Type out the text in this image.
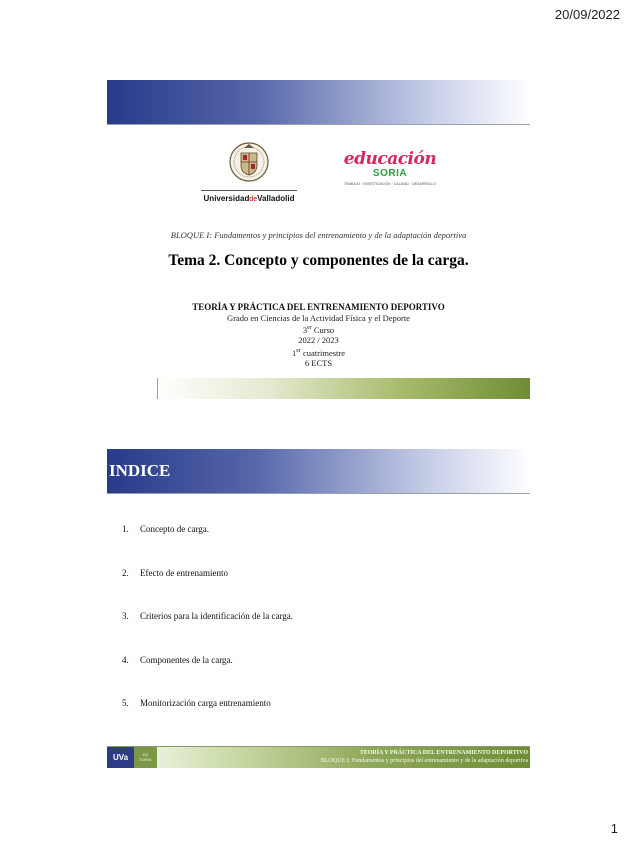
20/09/2022
UniversidaddeValladolid
educación
SORIA
TRABAJO · INVESTIGACIÓN · CALIDAD · DESARROLLO
BLOQUE I: Fundamentos y principios del entrenamiento y de la adaptación deportiva
Tema 2. Concepto y componentes de la carga.
TEORÍA Y PRÁCTICA DEL ENTRENAMIENTO DEPORTIVO
Grado en Ciencias de la Actividad Física y el Deporte
3er Curso
2022 / 2023
1er cuatrimestre
6 ECTS
INDICE
1. Concepto de carga.
2. Efecto de entrenamiento
3. Criterios para la identificación de la carga.
4. Componentes de la carga.
5. Monitorización carga entrenamiento
UVa	ED
SORIA
TEORÍA Y PRÁCTICA DEL ENTRENAMIENTO DEPORTIVO
BLOQUE I: Fundamentos y principios del entrenamiento y de la adaptación deportiva
1
